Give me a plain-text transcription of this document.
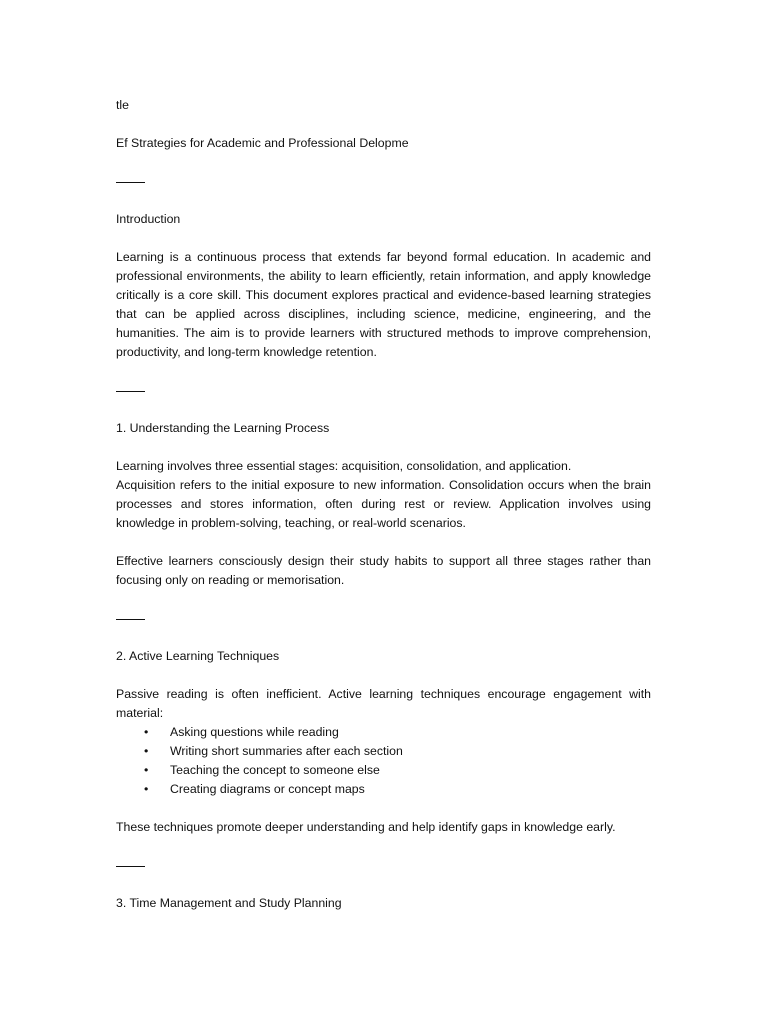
tle

Ef Strategies for Academic and Professional Delopme

Introduction

Learning is a continuous process that extends far beyond formal education. In academic and professional environments, the ability to learn efficiently, retain information, and apply knowledge critically is a core skill. This document explores practical and evidence-based learning strategies that can be applied across disciplines, including science, medicine, engineering, and the humanities. The aim is to provide learners with structured methods to improve comprehension, productivity, and long-term knowledge retention.

1. Understanding the Learning Process

Learning involves three essential stages: acquisition, consolidation, and application.

Acquisition refers to the initial exposure to new information. Consolidation occurs when the brain processes and stores information, often during rest or review. Application involves using knowledge in problem-solving, teaching, or real-world scenarios.

Effective learners consciously design their study habits to support all three stages rather than focusing only on reading or memorisation.

2. Active Learning Techniques

Passive reading is often inefficient. Active learning techniques encourage engagement with material:

• Asking questions while reading
• Writing short summaries after each section
• Teaching the concept to someone else
• Creating diagrams or concept maps

These techniques promote deeper understanding and help identify gaps in knowledge early.

3. Time Management and Study Planning
